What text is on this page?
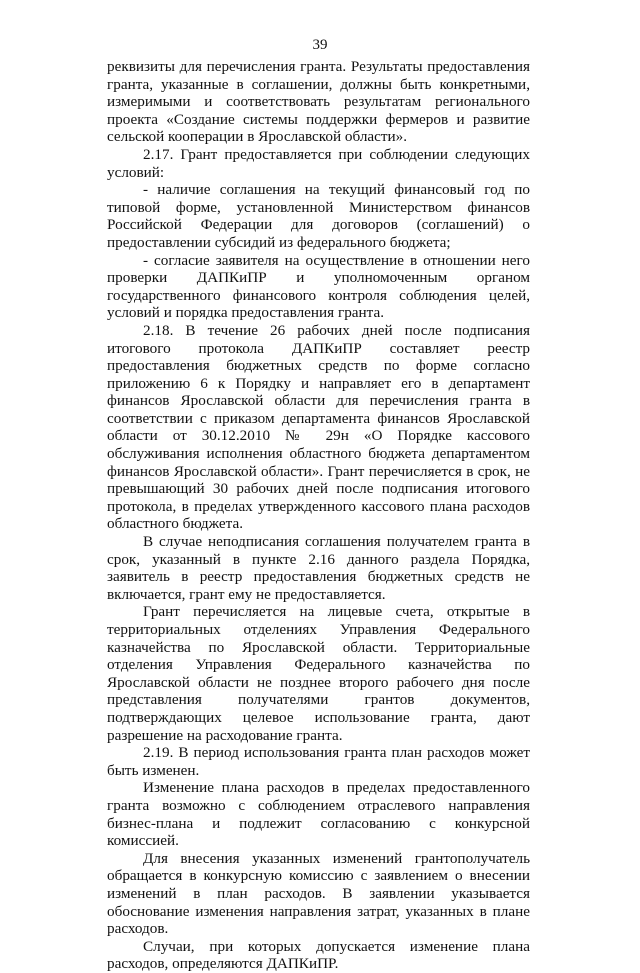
39

реквизиты для перечисления гранта. Результаты предоставления гранта, указанные в соглашении, должны быть конкретными, измеримыми и соответствовать результатам регионального проекта «Создание системы поддержки фермеров и развитие сельской кооперации в Ярославской области».

2.17. Грант предоставляется при соблюдении следующих условий:

- наличие соглашения на текущий финансовый год по типовой форме, установленной Министерством финансов Российской Федерации для договоров (соглашений) о предоставлении субсидий из федерального бюджета;

- согласие заявителя на осуществление в отношении него проверки ДАПКиПР и уполномоченным органом государственного финансового контроля соблюдения целей, условий и порядка предоставления гранта.

2.18. В течение 26 рабочих дней после подписания итогового протокола ДАПКиПР составляет реестр предоставления бюджетных средств по форме согласно приложению 6 к Порядку и направляет его в департамент финансов Ярославской области для перечисления гранта в соответствии с приказом департамента финансов Ярославской области от 30.12.2010 № 29н «О Порядке кассового обслуживания исполнения областного бюджета департаментом финансов Ярославской области». Грант перечисляется в срок, не превышающий 30 рабочих дней после подписания итогового протокола, в пределах утвержденного кассового плана расходов областного бюджета.

В случае неподписания соглашения получателем гранта в срок, указанный в пункте 2.16 данного раздела Порядка, заявитель в реестр предоставления бюджетных средств не включается, грант ему не предоставляется.

Грант перечисляется на лицевые счета, открытые в территориальных отделениях Управления Федерального казначейства по Ярославской области. Территориальные отделения Управления Федерального казначейства по Ярославской области не позднее второго рабочего дня после представления получателями грантов документов, подтверждающих целевое использование гранта, дают разрешение на расходование гранта.

2.19. В период использования гранта план расходов может быть изменен.

Изменение плана расходов в пределах предоставленного гранта возможно с соблюдением отраслевого направления бизнес-плана и подлежит согласованию с конкурсной комиссией.

Для внесения указанных изменений грантополучатель обращается в конкурсную комиссию с заявлением о внесении изменений в план расходов. В заявлении указывается обоснование изменения направления затрат, указанных в плане расходов.

Случаи, при которых допускается изменение плана расходов, определяются ДАПКиПР.
